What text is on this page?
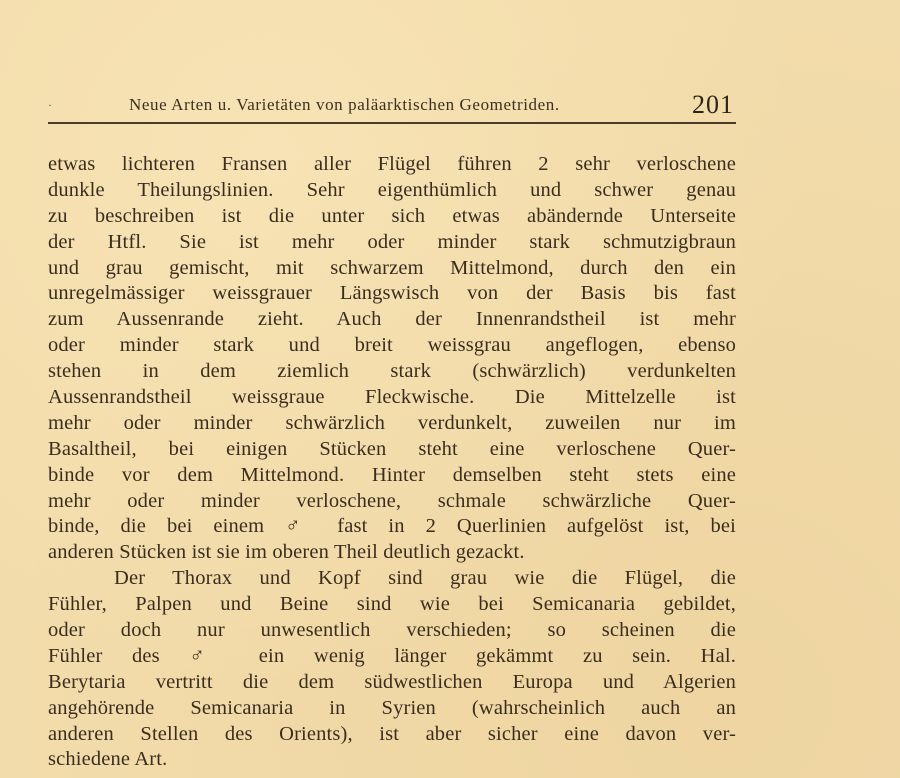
·	Neue Arten u. Varietäten von paläarktischen Geometriden.	201
etwas lichteren Fransen aller Flügel führen 2 sehr verloschene
dunkle Theilungslinien. Sehr eigenthümlich und schwer genau
zu beschreiben ist die unter sich etwas abändernde Unterseite
der Htfl. Sie ist mehr oder minder stark schmutzigbraun
und grau gemischt, mit schwarzem Mittelmond, durch den ein
unregelmässiger weissgrauer Längswisch von der Basis bis fast
zum Aussenrande zieht. Auch der Innenrandstheil ist mehr
oder minder stark und breit weissgrau angeflogen, ebenso
stehen in dem ziemlich stark (schwärzlich) verdunkelten
Aussenrandstheil weissgraue Fleckwische. Die Mittelzelle ist
mehr oder minder schwärzlich verdunkelt, zuweilen nur im
Basaltheil, bei einigen Stücken steht eine verloschene Quer-
binde vor dem Mittelmond. Hinter demselben steht stets eine
mehr oder minder verloschene, schmale schwärzliche Quer-
binde, die bei einem ♂ fast in 2 Querlinien aufgelöst ist, bei
anderen Stücken ist sie im oberen Theil deutlich gezackt.
Der Thorax und Kopf sind grau wie die Flügel, die
Fühler, Palpen und Beine sind wie bei Semicanaria gebildet,
oder doch nur unwesentlich verschieden; so scheinen die
Fühler des ♂ ein wenig länger gekämmt zu sein. Hal.
Berytaria vertritt die dem südwestlichen Europa und Algerien
angehörende Semicanaria in Syrien (wahrscheinlich auch an
anderen Stellen des Orients), ist aber sicher eine davon ver-
schiedene Art.
